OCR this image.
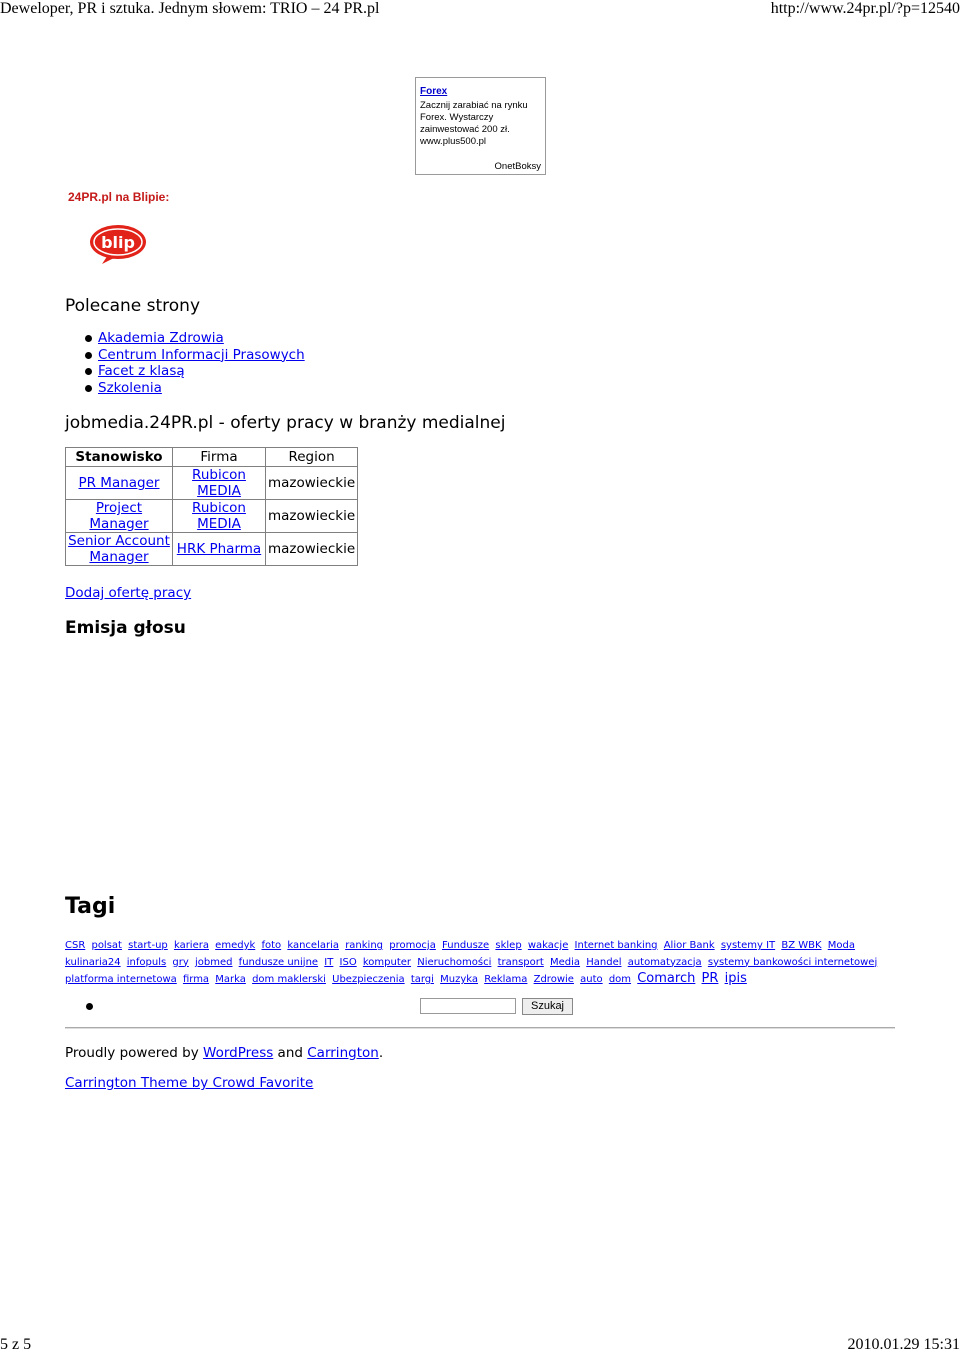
Deweloper, PR i sztuka. Jednym słowem: TRIO – 24 PR.pl	http://www.24pr.pl/?p=12540
Forex
Zacznij zarabiać na rynku Forex. Wystarczy zainwestować 200 zł. www.plus500.pl
OnetBoksy
24PR.pl na Blipie:
blip
Polecane strony
Akademia Zdrowia
Centrum Informacji Prasowych
Facet z klasą
Szkolenia
jobmedia.24PR.pl - oferty pracy w branży medialnej
Stanowisko	Firma	Region
PR Manager	Rubicon MEDIA	mazowieckie
Project Manager	Rubicon MEDIA	mazowieckie
Senior Account Manager	HRK Pharma	mazowieckie
Dodaj ofertę pracy
Emisja głosu
Tagi
CSR polsat start-up kariera emedyk foto kancelaria ranking promocja Fundusze sklep wakacje Internet banking Alior Bank systemy IT BZ WBK Moda kulinaria24 infopuls gry jobmed fundusze unijne IT ISO komputer Nieruchomości transport Media Handel automatyzacja systemy bankowości internetowej platforma internetowa firma Marka dom maklerski Ubezpieczenia targi Muzyka Reklama Zdrowie auto dom Comarch PR ipis
Szukaj
Proudly powered by WordPress and Carrington.
Carrington Theme by Crowd Favorite
5 z 5	2010.01.29 15:31
